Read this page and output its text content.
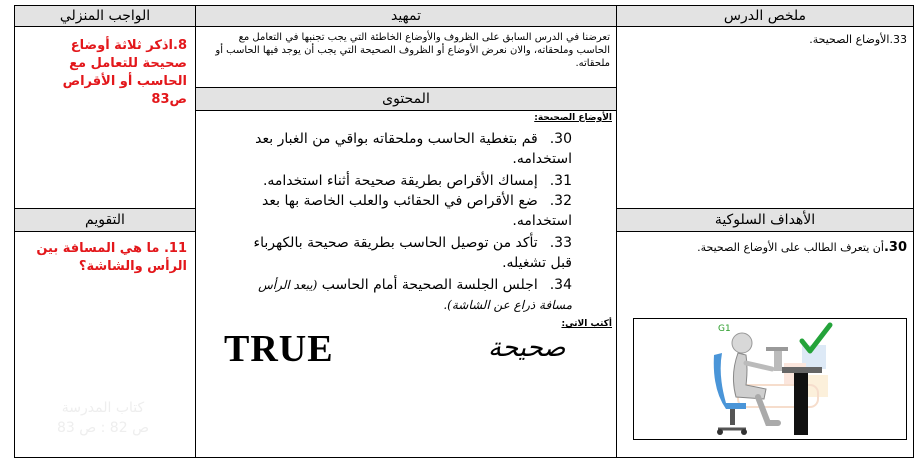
ملخص الدرس
تمهيد
الواجب المنزلي
33.الأوضاع الصحيحة.
تعرضنا في الدرس السابق على الظروف والأوضاع الخاطئة التي يجب تجنبها في التعامل مع الحاسب وملحقاته، والان نعرض الأوضاع أو الظروف الصحيحة التي يجب أن يوجد فيها الحاسب أو ملحقاته.
المحتوى
الأوضاع الصحيحة:
30.قم بتغطية الحاسب وملحقاته بواقي من الغبار بعد استخدامه.
31.إمساك الأقراص بطريقة صحيحة أثناء استخدامه.
32.ضع الأقراص في الحقائب والعلب الخاصة بها بعد استخدامه.
33.تأكد من توصيل الحاسب بطريقة صحيحة بالكهرباء قبل تشغيله.
34.اجلس الجلسة الصحيحة أمام الحاسب (يبعد الرأس مسافة ذراع عن الشاشة).
أكتب الاتي:
TRUE	صحيحة
8.اذكر ثلاثة أوضاع صحيحة للتعامل مع الحاسب أو الأقراص ص83
الأهداف السلوكية
30.أن يتعرف الطالب على الأوضاع الصحيحة.
G1
التقويم
11. ما هي المسافة بين الرأس والشاشة؟
كتاب المدرسة
ص 82 : ص 83
